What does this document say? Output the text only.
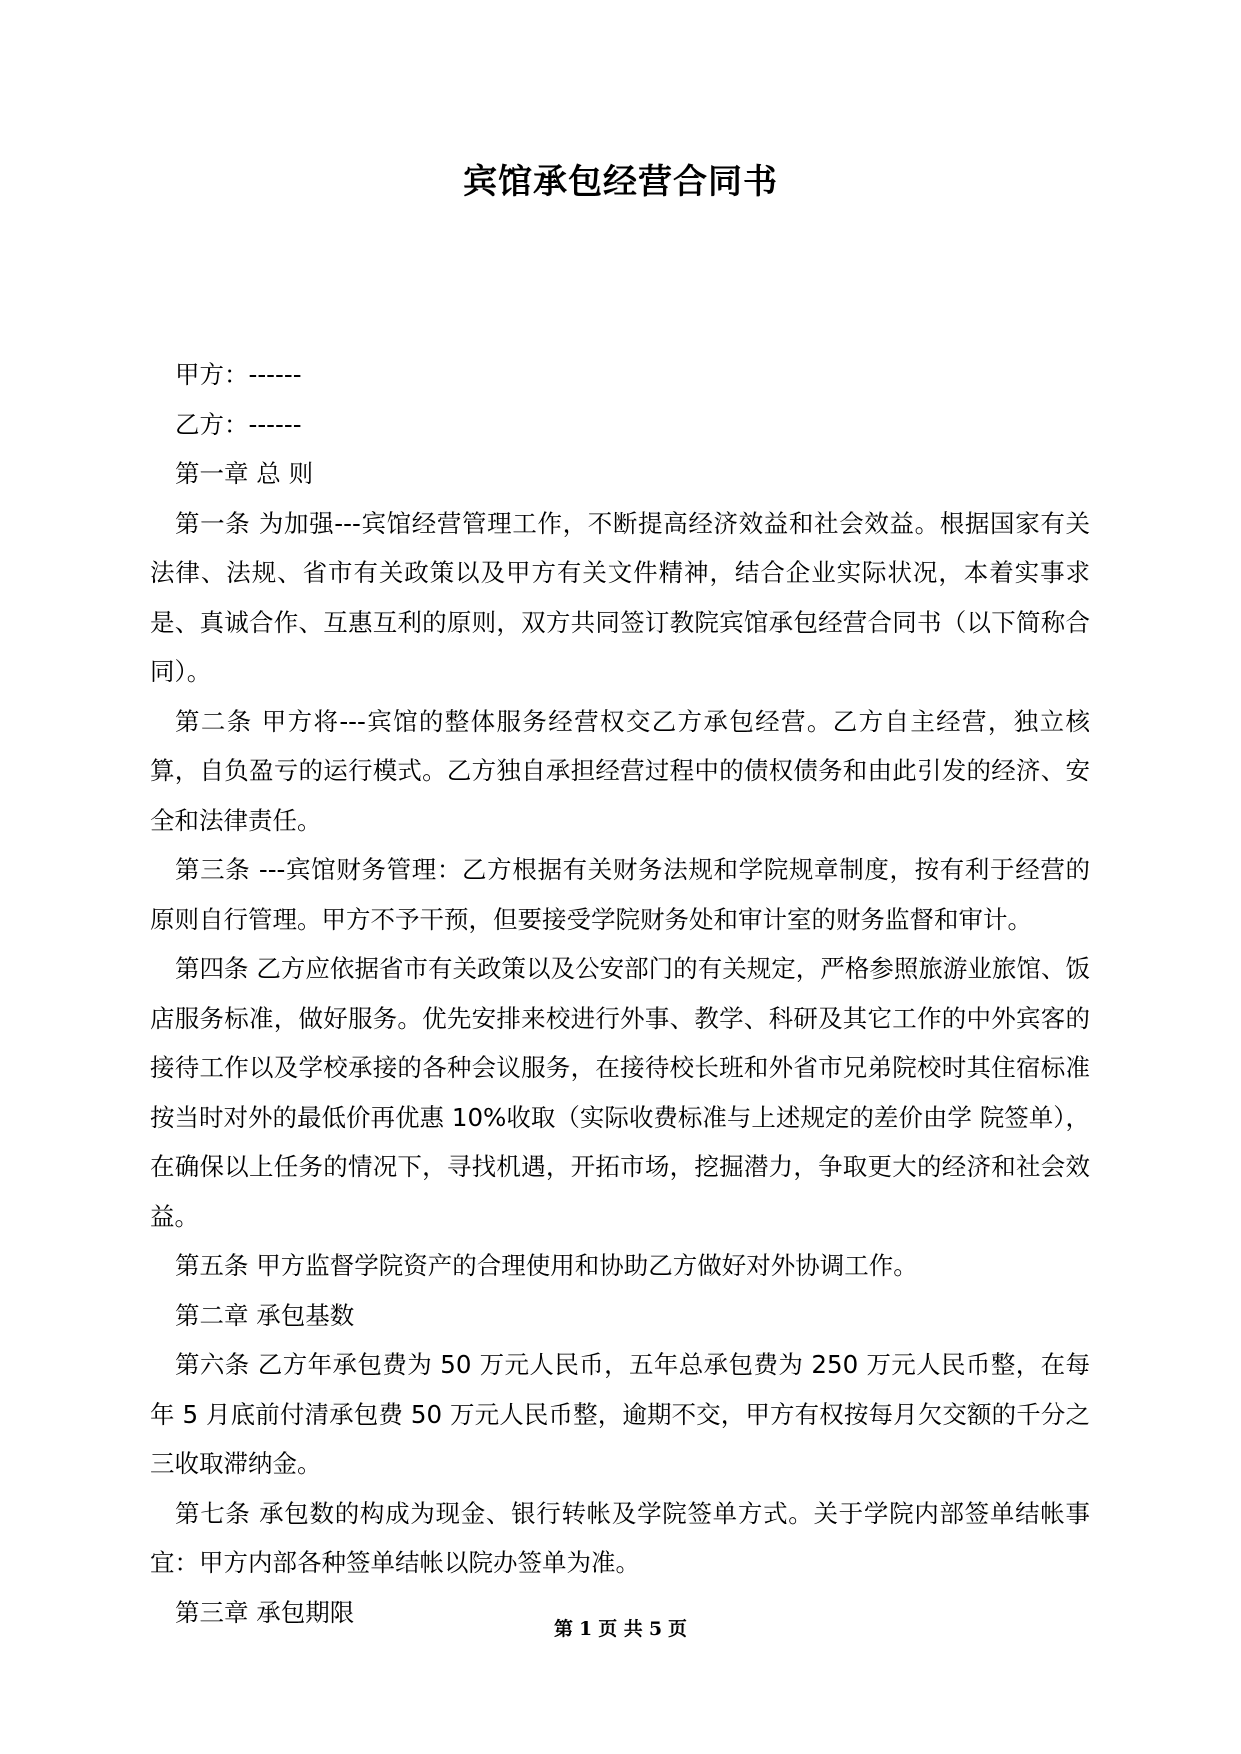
宾馆承包经营合同书

甲方：------

乙方：------

第一章 总 则

第一条 为加强---宾馆经营管理工作，不断提高经济效益和社会效益。根据国家有关法律、法规、省市有关政策以及甲方有关文件精神，结合企业实际状况，本着实事求是、真诚合作、互惠互利的原则，双方共同签订教院宾馆承包经营合同书（以下简称合同）。

第二条 甲方将---宾馆的整体服务经营权交乙方承包经营。乙方自主经营，独立核算，自负盈亏的运行模式。乙方独自承担经营过程中的债权债务和由此引发的经济、安全和法律责任。

第三条 ---宾馆财务管理：乙方根据有关财务法规和学院规章制度，按有利于经营的原则自行管理。甲方不予干预，但要接受学院财务处和审计室的财务监督和审计。

第四条 乙方应依据省市有关政策以及公安部门的有关规定，严格参照旅游业旅馆、饭店服务标准，做好服务。优先安排来校进行外事、教学、科研及其它工作的中外宾客的 接待工作以及学校承接的各种会议服务，在接待校长班和外省市兄弟院校时其住宿标准按当时对外的最低价再优惠 10%收取（实际收费标准与上述规定的差价由学 院签单），在确保以上任务的情况下，寻找机遇，开拓市场，挖掘潜力，争取更大的经济和社会效益。

第五条 甲方监督学院资产的合理使用和协助乙方做好对外协调工作。

第二章 承包基数

第六条 乙方年承包费为 50 万元人民币，五年总承包费为 250 万元人民币整，在每年 5 月底前付清承包费 50 万元人民币整，逾期不交，甲方有权按每月欠交额的千分之三收取滞纳金。

第七条 承包数的构成为现金、银行转帐及学院签单方式。关于学院内部签单结帐事宜：甲方内部各种签单结帐以院办签单为准。

第三章 承包期限

第 1 页 共 5 页
